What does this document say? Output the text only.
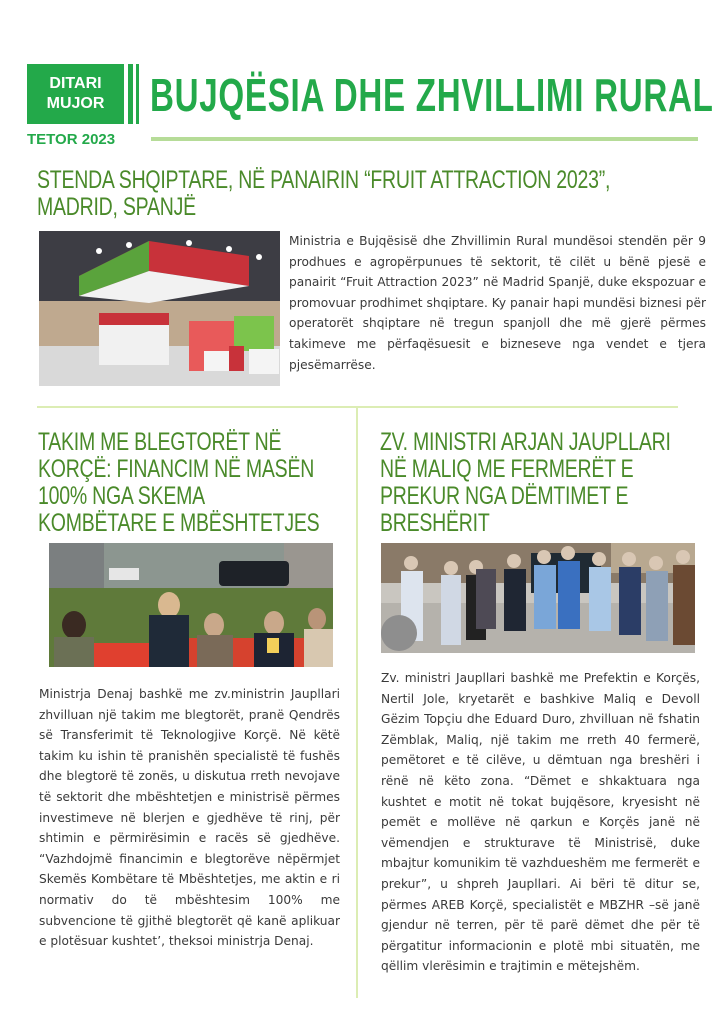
DITARI
MUJOR BUJQËSIA DHE ZHVILLIMI RURAL
TETOR 2023
STENDA SHQIPTARE, NË PANAIRIN “FRUIT ATTRACTION 2023”,
MADRID, SPANJË

Ministria e Bujqësisë dhe Zhvillimin Rural mundësoi stendën për 9 prodhues e agropërpunues të sektorit, të cilët u bënë pjesë e panairit “Fruit Attraction 2023” në Madrid Spanjë, duke ekspozuar e promovuar prodhimet shqiptare. Ky panair hapi mundësi biznesi për operatorët shqiptare në tregun spanjoll dhe më gjerë përmes takimeve me përfaqësuesit e bizneseve nga vendet e tjera pjesëmarrëse.

TAKIM ME BLEGTORËT NË
KORÇË: FINANCIM NË MASËN
100% NGA SKEMA
KOMBËTARE E MBËSHTETJES

Ministrja Denaj bashkë me zv.ministrin Jaupllari zhvilluan një takim me blegtorët, pranë Qendrës së Transferimit të Teknologjive Korçë. Në këtë takim ku ishin të pranishën specialistë të fushës dhe blegtorë të zonës, u diskutua rreth nevojave të sektorit dhe mbështetjen e ministrisë përmes investimeve në blerjen e gjedhëve të rinj, për shtimin e përmirësimin e racës së gjedhëve. “Vazhdojmë financimin e blegtorëve nëpërmjet Skemës Kombëtare të Mbështetjes, me aktin e ri normativ do të mbështesim 100% me subvencione të gjithë blegtorët që kanë aplikuar e plotësuar kushtet’, theksoi ministrja Denaj.

ZV. MINISTRI ARJAN JAUPLLARI
NË MALIQ ME FERMERËT E
PREKUR NGA DËMTIMET E
BRESHËRIT

Zv. ministri Jaupllari bashkë me Prefektin e Korçës, Nertil Jole, kryetarët e bashkive Maliq e Devoll Gëzim Topçiu dhe Eduard Duro, zhvilluan në fshatin Zëmblak, Maliq, një takim me rreth 40 fermerë, pemëtoret e të cilëve, u dëmtuan nga breshëri i rënë në këto zona. “Dëmet e shkaktuara nga kushtet e motit në tokat bujqësore, kryesisht në pemët e mollëve në qarkun e Korçës janë në vëmendjen e strukturave të Ministrisë, duke mbajtur komunikim të vazhdueshëm me fermerët e prekur”, u shpreh Jaupllari. Ai bëri të ditur se, përmes AREB Korçë, specialistët e MBZHR –së janë gjendur në terren, për të parë dëmet dhe për të përgatitur informacionin e plotë mbi situatën, me qëllim vlerësimin e trajtimin e mëtejshëm.
